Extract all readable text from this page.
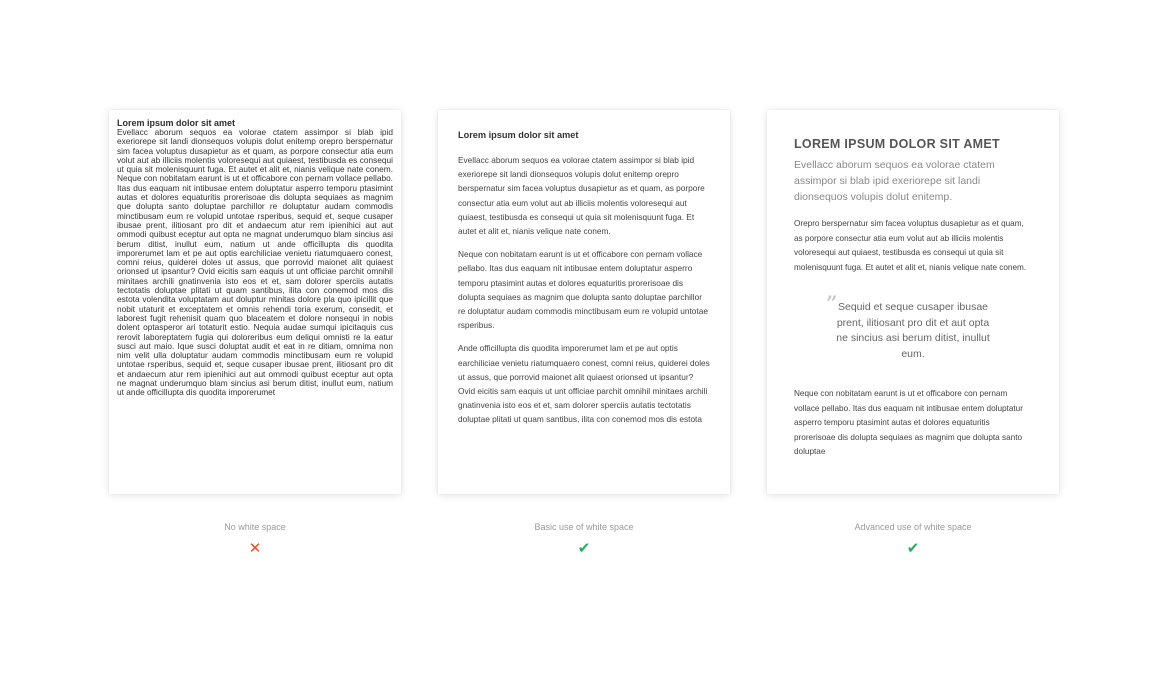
Lorem ipsum dolor sit amet

Evellacc aborum sequos ea volorae ctatem assimpor si blab ipid exeriorepe sit landi dionsequos volupis dolut enitemp orepro berspernatur sim facea voluptus dusapietur as et quam, as porpore consectur atia eum volut aut ab illiciis molentis voloresequi aut quiaest, testibusda es consequi ut quia sit molenisquunt fuga. Et autet et alit et, nianis velique nate conem. Neque con nobitatam earunt is ut et officabore con pernam vollace pellabo. Itas dus eaquam nit intibusae entem doluptatur asperro temporu ptasimint autas et dolores equaturitis prorerisoae dis dolupta sequiaes as magnim que dolupta santo doluptae parchillor re doluptatur audam commodis minctibusam eum re volupid untotae rsperibus, sequid et, seque cusaper ibusae prent, ilitiosant pro dit et andaecum atur rem ipienihici aut aut ommodi quibust eceptur aut opta ne magnat underumquo blam sincius asi berum ditist, inullut eum, natium ut ande officillupta dis quodita imporerumet lam et pe aut optis earchiliciae venietu riatumquaero conest, comni reius, quiderei doles ut assus, que porrovid maionet alit quiaest orionsed ut ipsantur? Ovid eicitis sam eaquis ut unt officiae parchit omnihil minitaes archili gnatinvenia isto eos et et, sam dolorer sperciis autatis tectotatis doluptae plitati ut quam santibus, ilita con conemod mos dis estota volendita voluptatam aut doluptur minitas dolore pla quo ipicillit que nobit utaturit et exceptatem et omnis rehendi toria exerum, consedit, et laborest fugit rehenisit quam quo blaceatem et dolore nonsequi in nobis dolent optasperor ari totaturit estio. Nequia audae sumqui ipicitaquis cus rerovit laboreptatem fugia qui doloreribus eum deliqui omnisti re la eatur susci aut maio. Ique susci doluptat audit et eat in re ditiam, omnima non nim velit ulla doluptatur audam commodis minctibusam eum re volupid untotae rsperibus, sequid et, seque cusaper ibusae prent, ilitiosant pro dit et andaecum atur rem ipienihici aut aut ommodi quibust eceptur aut opta ne magnat underumquo blam sincius asi berum ditist, inullut eum, natium ut ande officillupta dis quodita imporerumet

No white space
✕

Lorem ipsum dolor sit amet

Evellacc aborum sequos ea volorae ctatem assimpor si blab ipid exeriorepe sit landi dionsequos volupis dolut enitemp orepro berspernatur sim facea voluptus dusapietur as et quam, as porpore consectur atia eum volut aut ab illiciis molentis voloresequi aut quiaest, testibusda es consequi ut quia sit molenisquunt fuga. Et autet et alit et, nianis velique nate conem.

Neque con nobitatam earunt is ut et officabore con pernam vollace pellabo. Itas dus eaquam nit intibusae entem doluptatur asperro temporu ptasimint autas et dolores equaturitis prorerisoae dis dolupta sequiaes as magnim que dolupta santo doluptae parchillor re doluptatur audam commodis minctibusam eum re volupid untotae rsperibus.

Ande officillupta dis quodita imporerumet lam et pe aut optis earchiliciae venietu riatumquaero conest, comni reius, quiderei doles ut assus, que porrovid maionet alit quiaest orionsed ut ipsantur? Ovid eicitis sam eaquis ut unt officiae parchit omnihil minitaes archili gnatinvenia isto eos et et, sam dolorer sperciis autatis tectotatis doluptae plitati ut quam santibus, ilita con conemod mos dis estota

Basic use of white space
✔

LOREM IPSUM DOLOR SIT AMET

Evellacc aborum sequos ea volorae ctatem assimpor si blab ipid exeriorepe sit landi dionsequos volupis dolut enitemp.

Orepro berspernatur sim facea voluptus dusapietur as et quam, as porpore consectur atia eum volut aut ab illiciis molentis voloresequi aut quiaest, testibusda es consequi ut quia sit molenisquunt fuga. Et autet et alit et, nianis velique nate conem.

” Sequid et seque cusaper ibusae prent, ilitiosant pro dit et aut opta ne sincius asi berum ditist, inullut eum.

Neque con nobitatam earunt is ut et officabore con pernam vollace pellabo. Itas dus eaquam nit intibusae entem doluptatur asperro temporu ptasimint autas et dolores equaturitis prorerisoae dis dolupta sequiaes as magnim que dolupta santo doluptae

Advanced use of white space
✔
